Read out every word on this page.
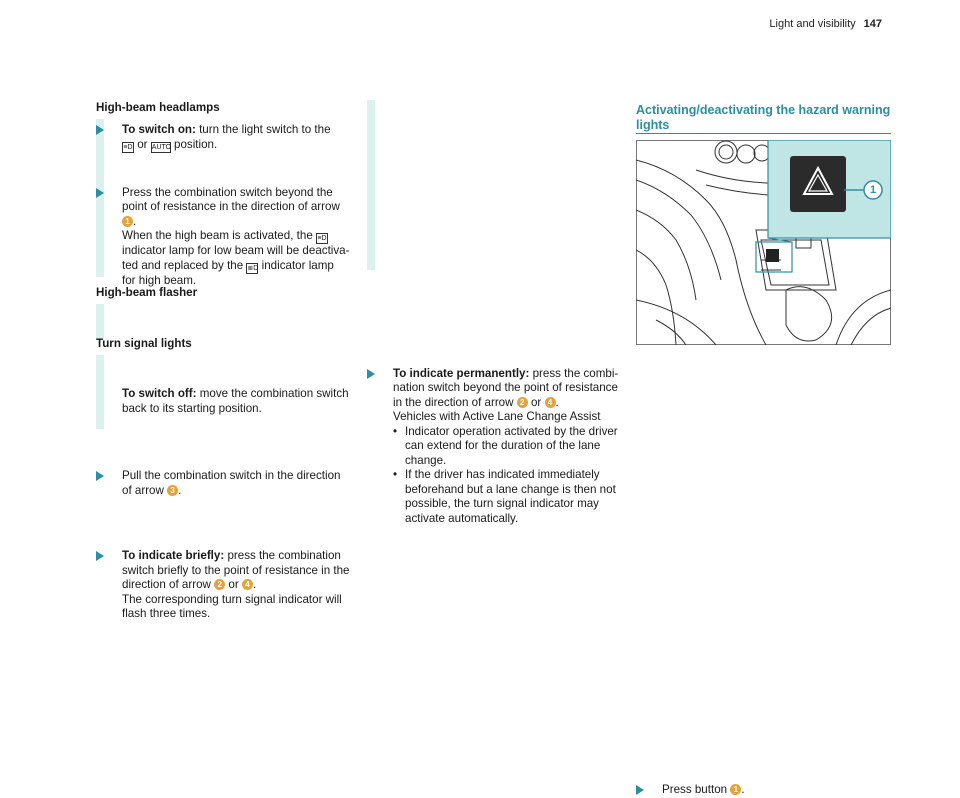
Light and visibility 147
High-beam headlamps
To switch on: turn the light switch to the
≡D or AUTO position.
Press the combination switch beyond the
point of resistance in the direction of arrow
1 .
When the high beam is activated, the ≡D
indicator lamp for low beam will be deactiva-
ted and replaced by the ≣D indicator lamp
for high beam.
To switch off: move the combination switch
back to its starting position.
High-beam flasher
Pull the combination switch in the direction
of arrow 3 .
Turn signal lights
To indicate briefly: press the combination
switch briefly to the point of resistance in the
direction of arrow 2 or 4 .
The corresponding turn signal indicator will
flash three times.
To indicate permanently: press the combi-
nation switch beyond the point of resistance
in the direction of arrow 2 or 4 .
Vehicles with Active Lane Change Assist
• Indicator operation activated by the driver
can extend for the duration of the lane
change.
• If the driver has indicated immediately
beforehand but a lane change is then not
possible, the turn signal indicator may
activate automatically.
Activating/deactivating the hazard warning
lights
1
Press button 1 .
